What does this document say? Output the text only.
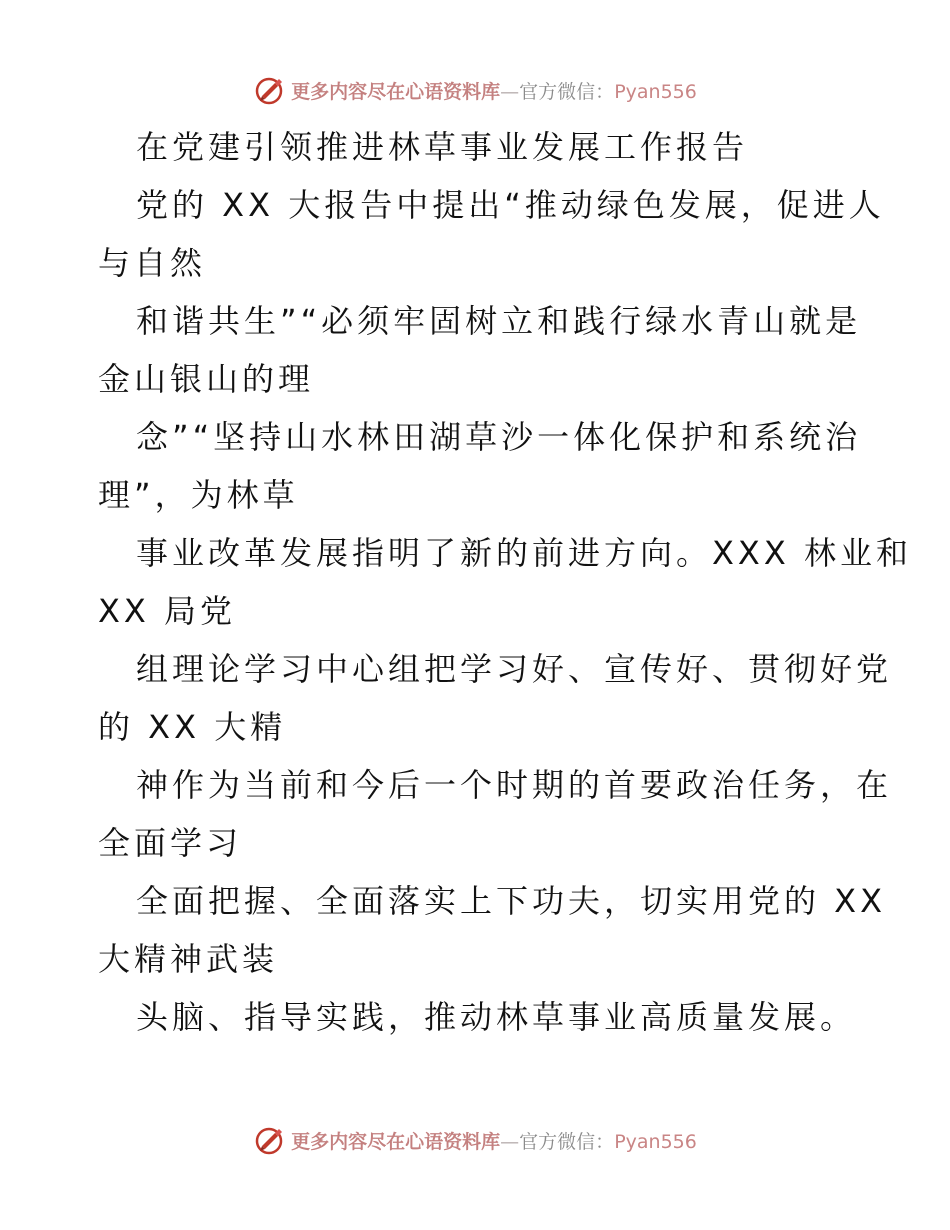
更多内容尽在心语资料库—官方微信：Pyan556
在党建引领推进林草事业发展工作报告
党的 XX 大报告中提出“推动绿色发展，促进人
与自然
和谐共生”“必须牢固树立和践行绿水青山就是
金山银山的理
念”“坚持山水林田湖草沙一体化保护和系统治
理”，为林草
事业改革发展指明了新的前进方向。XXX 林业和
XX 局党
组理论学习中心组把学习好、宣传好、贯彻好党
的 XX 大精
神作为当前和今后一个时期的首要政治任务，在
全面学习
全面把握、全面落实上下功夫，切实用党的 XX
大精神武装
头脑、指导实践，推动林草事业高质量发展。
更多内容尽在心语资料库—官方微信：Pyan556
